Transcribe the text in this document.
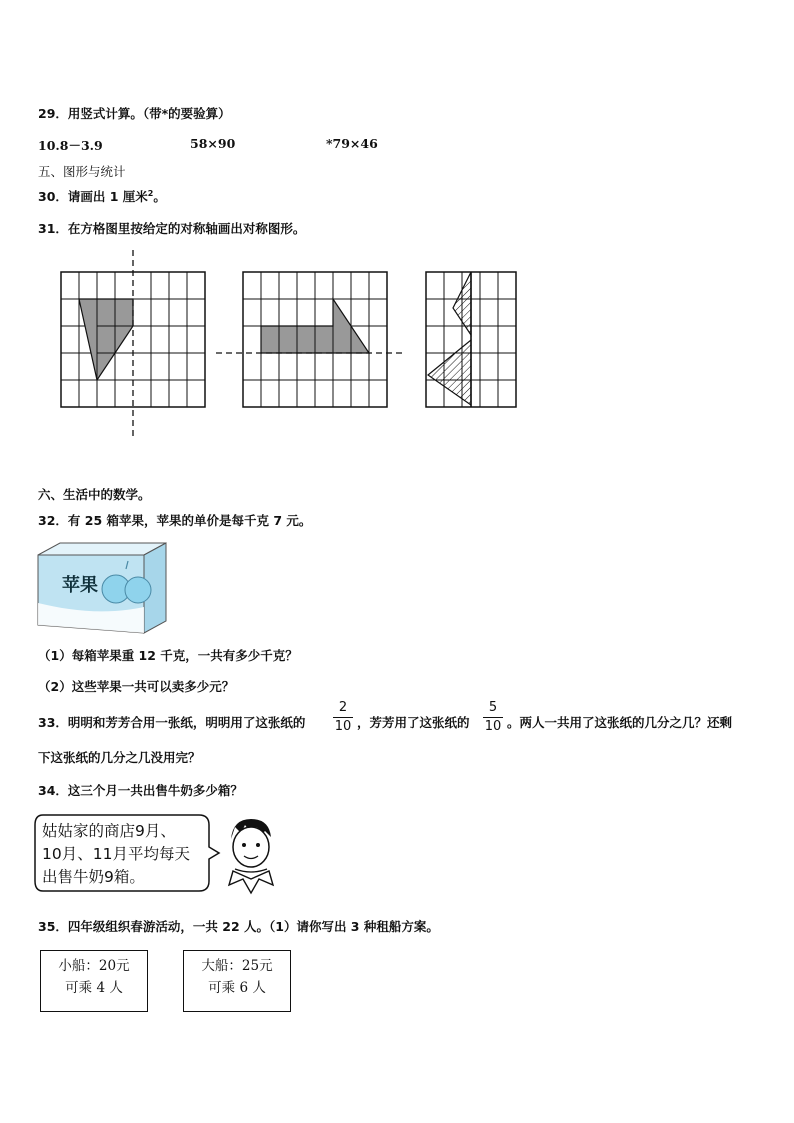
29．用竖式计算。（带*的要验算）
10.8－3.9	58×90	*79×46
五、图形与统计
30．请画出 1 厘米$^2$。
31．在方格图里按给定的对称轴画出对称图形。
六、生活中的数学。
32．有 25 箱苹果，苹果的单价是每千克 7 元。
苹果
（1）每箱苹果重 12 千克，一共有多少千克？
（2）这些苹果一共可以卖多少元？
33．明明和芳芳合用一张纸，明明用了这张纸的
2
10 ，芳芳用了这张纸的
5
10 。两人一共用了这张纸的几分之几？还剩
下这张纸的几分之几没用完？
34．这三个月一共出售牛奶多少箱？
姑姑家的商店9月、
10月、11月平均每天
出售牛奶9箱。
35．四年级组织春游活动，一共 22 人。（1）请你写出 3 种租船方案。
小船：20元
可乘 4 人
大船：25元
可乘 6 人
